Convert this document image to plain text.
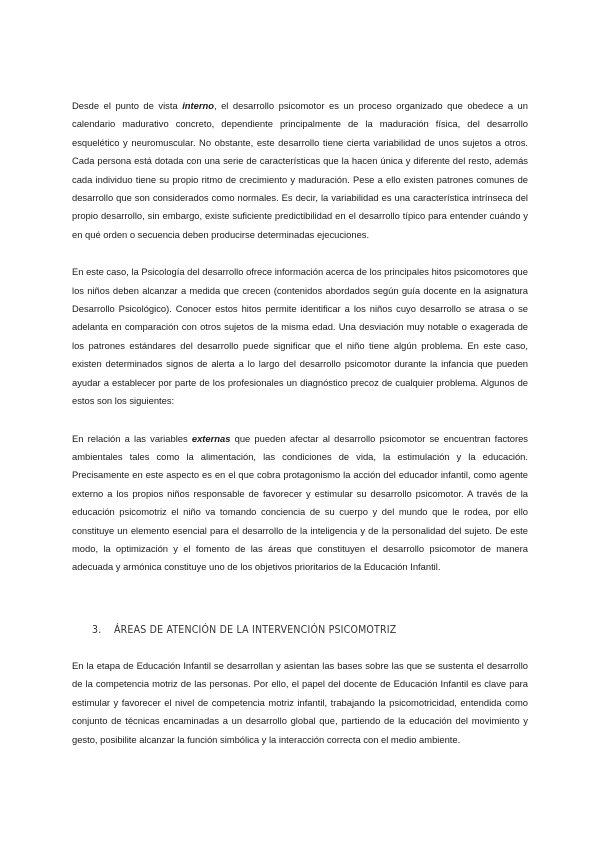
Desde el punto de vista interno, el desarrollo psicomotor es un proceso organizado que obedece a un calendario madurativo concreto, dependiente principalmente de la maduración física, del desarrollo esquelético y neuromuscular. No obstante, este desarrollo tiene cierta variabilidad de unos sujetos a otros. Cada persona está dotada con una serie de características que la hacen única y diferente del resto, además cada individuo tiene su propio ritmo de crecimiento y maduración. Pese a ello existen patrones comunes de desarrollo que son considerados como normales. Es decir, la variabilidad es una característica intrínseca del propio desarrollo, sin embargo, existe suficiente predictibilidad en el desarrollo típico para entender cuándo y en qué orden o secuencia deben producirse determinadas ejecuciones.

En este caso, la Psicología del desarrollo ofrece información acerca de los principales hitos psicomotores que los niños deben alcanzar a medida que crecen (contenidos abordados según guía docente en la asignatura Desarrollo Psicológico). Conocer estos hitos permite identificar a los niños cuyo desarrollo se atrasa o se adelanta en comparación con otros sujetos de la misma edad. Una desviación muy notable o exagerada de los patrones estándares del desarrollo puede significar que el niño tiene algún problema. En este caso, existen determinados signos de alerta a lo largo del desarrollo psicomotor durante la infancia que pueden ayudar a establecer por parte de los profesionales un diagnóstico precoz de cualquier problema. Algunos de estos son los siguientes:

En relación a las variables externas que pueden afectar al desarrollo psicomotor se encuentran factores ambientales tales como la alimentación, las condiciones de vida, la estimulación y la educación. Precisamente en este aspecto es en el que cobra protagonismo la acción del educador infantil, como agente externo a los propios niños responsable de favorecer y estimular su desarrollo psicomotor. A través de la educación psicomotriz el niño va tomando conciencia de su cuerpo y del mundo que le rodea, por ello constituye un elemento esencial para el desarrollo de la inteligencia y de la personalidad del sujeto. De este modo, la optimización y el fomento de las áreas que constituyen el desarrollo psicomotor de manera adecuada y armónica constituye uno de los objetivos prioritarios de la Educación Infantil.

3. ÁREAS DE ATENCIÓN DE LA INTERVENCIÓN PSICOMOTRIZ

En la etapa de Educación Infantil se desarrollan y asientan las bases sobre las que se sustenta el desarrollo de la competencia motriz de las personas. Por ello, el papel del docente de Educación Infantil es clave para estimular y favorecer el nivel de competencia motriz infantil, trabajando la psicomotricidad, entendida como conjunto de técnicas encaminadas a un desarrollo global que, partiendo de la educación del movimiento y gesto, posibilite alcanzar la función simbólica y la interacción correcta con el medio ambiente.
